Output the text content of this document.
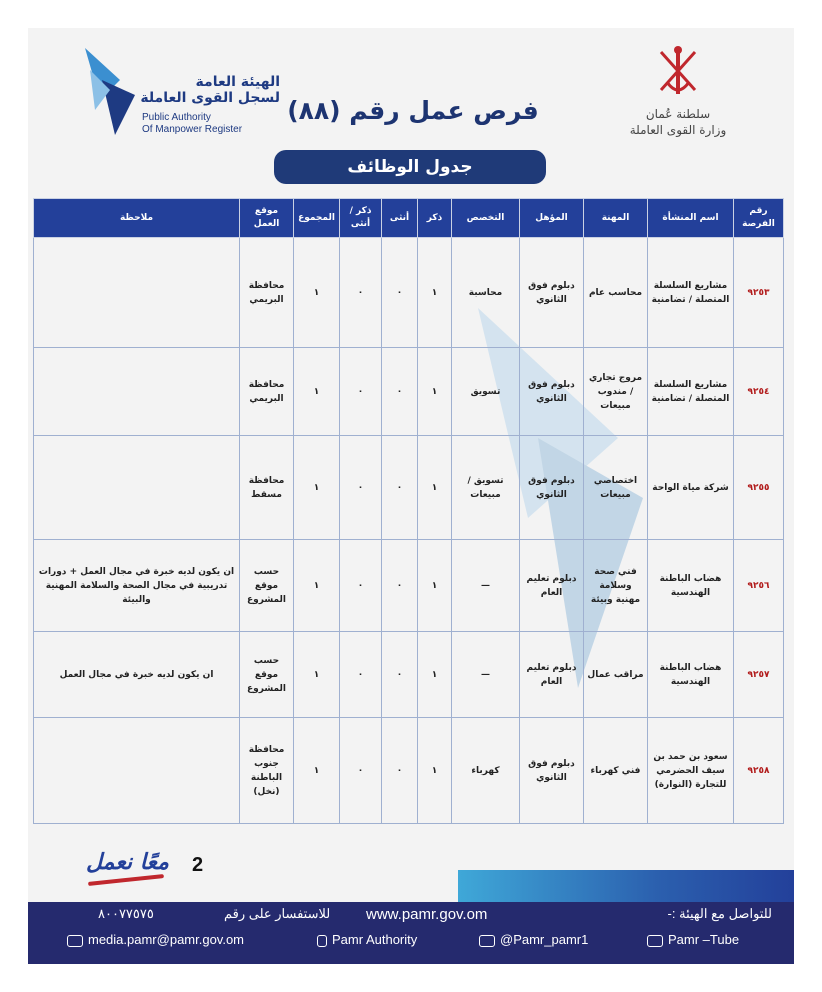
الهيئة العامة
لسجل القوى العاملة
Public Authority
Of Manpower Register
سلطنة عُمان
وزارة القوى العاملة
فرص عمل رقم (٨٨)
جدول الوظائف
رقم الفرصة	اسم المنشأة	المهنة	المؤهل	التخصص	ذكر	أنثى	ذكر / أنثى	المجموع	موقع العمل	ملاحظة
٩٢٥٣	مشاريع السلسلة المتصلة / تضامنية	محاسب عام	دبلوم فوق الثانوي	محاسبة	١	٠	٠	١	محافظة البريمي	
٩٢٥٤	مشاريع السلسلة المتصلة / تضامنية	مروج تجاري / مندوب مبيعات	دبلوم فوق الثانوي	تسويق	١	٠	٠	١	محافظة البريمي	
٩٢٥٥	شركة مياة الواحة	اختصاصي مبيعات	دبلوم فوق الثانوي	تسويق / مبيعات	١	٠	٠	١	محافظة مسقط	
٩٢٥٦	هضاب الباطنة الهندسية	فني صحة وسلامة مهنية وبيئة	دبلوم تعليم العام	—	١	٠	٠	١	حسب موقع المشروع	ان يكون لديه خبرة في مجال العمل + دورات تدريبية في مجال الصحة والسلامة المهنية والبيئة
٩٢٥٧	هضاب الباطنة الهندسية	مراقب عمال	دبلوم تعليم العام	—	١	٠	٠	١	حسب موقع المشروع	ان يكون لديه خبرة في مجال العمل
٩٢٥٨	سعود بن حمد بن سيف الحضرمي للتجارة (النوارة)	فني كهرباء	دبلوم فوق الثانوي	كهرباء	١	٠	٠	١	محافظة جنوب الباطنة (نخل)	
معًا نعمل 2
للتواصل مع الهيئة :-
www.pamr.gov.om
للاستفسار على رقم
٨٠٠٧٧٥٧٥
media.pamr@pamr.gov.om	Pamr Authority	@Pamr_pamr1	Pamr –Tube
